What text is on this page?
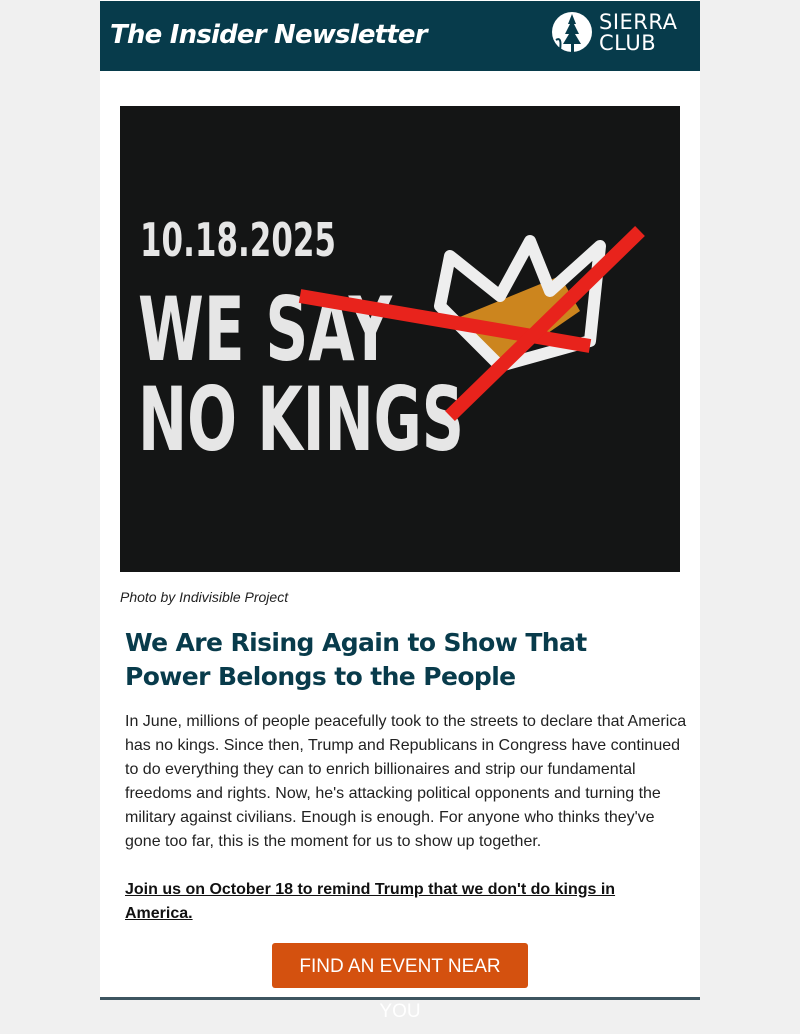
The Insider Newsletter	SIERRA
CLUB
10.18.2025
WE SAY
NO KINGS
Photo by Indivisible Project
We Are Rising Again to Show That Power Belongs to the People
In June, millions of people peacefully took to the streets to declare that America has no kings. Since then, Trump and Republicans in Congress have continued to do everything they can to enrich billionaires and strip our fundamental freedoms and rights. Now, he's attacking political opponents and turning the military against civilians. Enough is enough. For anyone who thinks they've gone too far, this is the moment for us to show up together.
Join us on October 18 to remind Trump that we don't do kings in America.
FIND AN EVENT NEAR YOU
